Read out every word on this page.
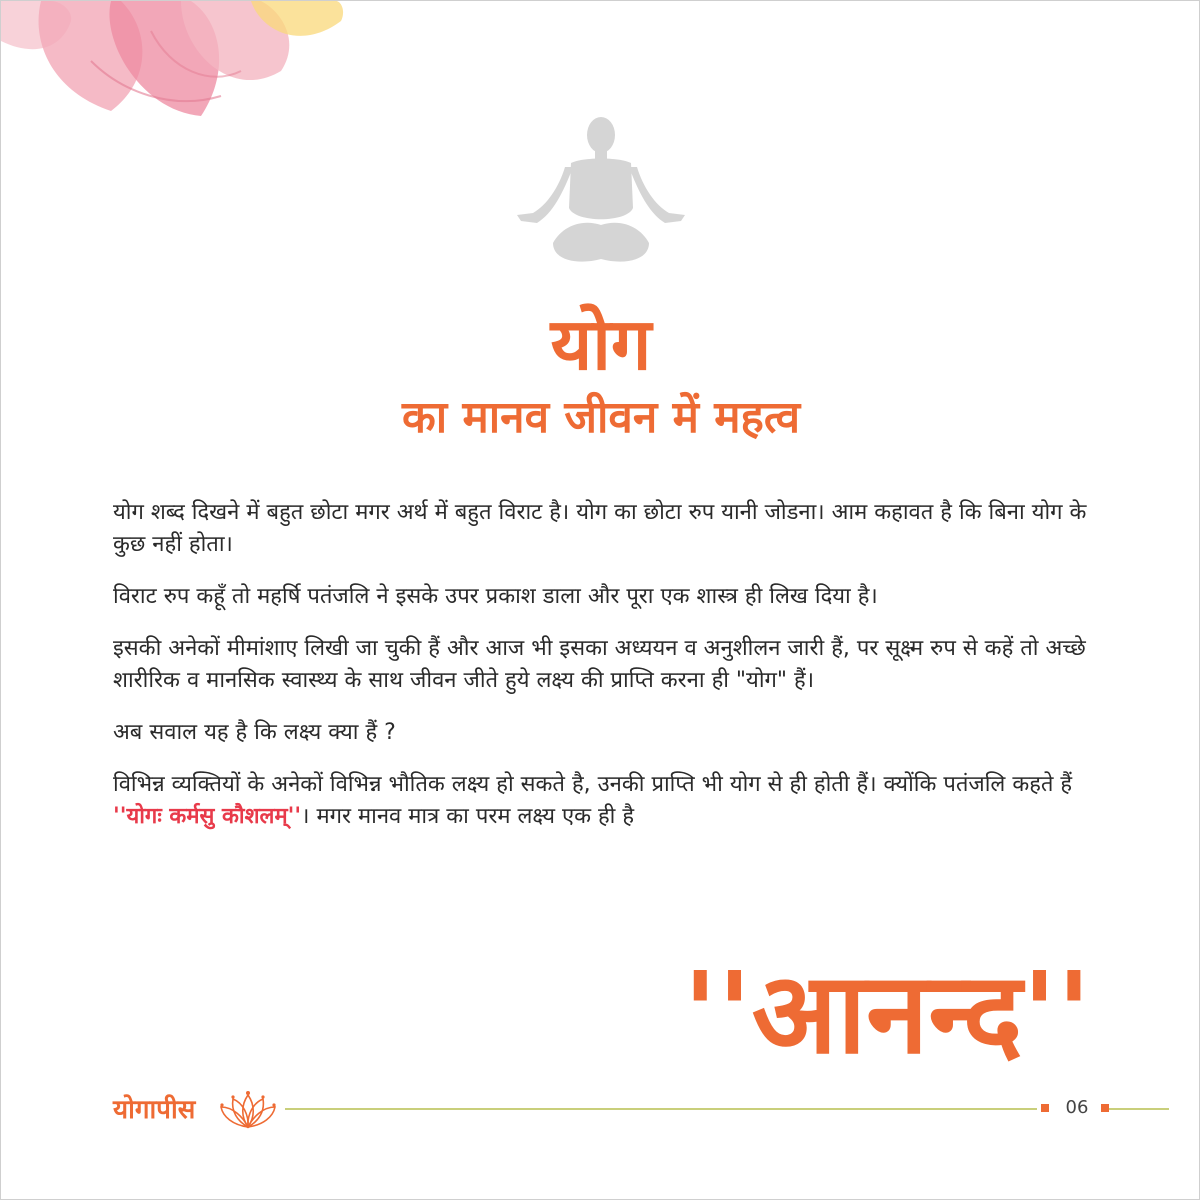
योग
का मानव जीवन में महत्व

योग शब्द दिखने में बहुत छोटा मगर अर्थ में बहुत विराट है। योग का छोटा रुप यानी जोडना। आम कहावत है कि बिना योग के कुछ नहीं होता।

विराट रुप कहूँ तो महर्षि पतंजलि ने इसके उपर प्रकाश डाला और पूरा एक शास्त्र ही लिख दिया है।

इसकी अनेकों मीमांशाए लिखी जा चुकी हैं और आज भी इसका अध्ययन व अनुशीलन जारी हैं, पर सूक्ष्म रुप से कहें तो अच्छे शारीरिक व मानसिक स्वास्थ्य के साथ जीवन जीते हुये लक्ष्य की प्राप्ति करना ही "योग" हैं।

अब सवाल यह है कि लक्ष्य क्या हैं ?

विभिन्न व्यक्तियों के अनेकों विभिन्न भौतिक लक्ष्य हो सकते है, उनकी प्राप्ति भी योग से ही होती हैं। क्योंकि पतंजलि कहते हैं ''योगः कर्मसु कौशलम्''। मगर मानव मात्र का परम लक्ष्य एक ही है

''आनन्द''
योगापीस	06
